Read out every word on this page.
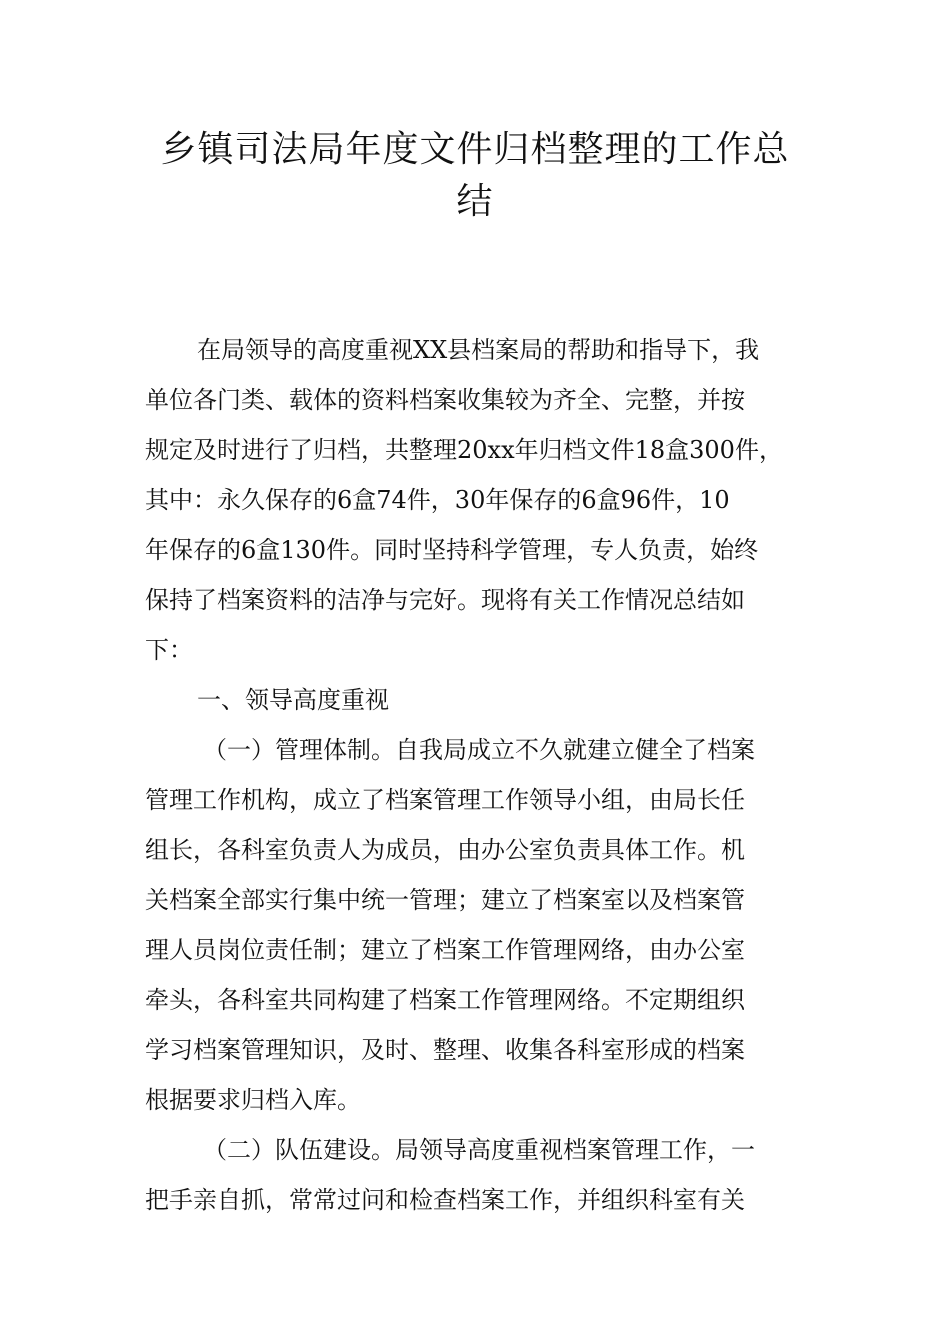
乡镇司法局年度文件归档整理的工作总
结
在局领导的高度重视XX县档案局的帮助和指导下，我
单位各门类、载体的资料档案收集较为齐全、完整，并按
规定及时进行了归档，共整理20xx年归档文件18盒300件，
其中：永久保存的6盒74件，30年保存的6盒96件，10
年保存的6盒130件。同时坚持科学管理，专人负责，始终
保持了档案资料的洁净与完好。现将有关工作情况总结如
下：
一、领导高度重视
（一）管理体制。自我局成立不久就建立健全了档案
管理工作机构，成立了档案管理工作领导小组，由局长任
组长，各科室负责人为成员，由办公室负责具体工作。机
关档案全部实行集中统一管理；建立了档案室以及档案管
理人员岗位责任制；建立了档案工作管理网络，由办公室
牵头，各科室共同构建了档案工作管理网络。不定期组织
学习档案管理知识，及时、整理、收集各科室形成的档案
根据要求归档入库。
（二）队伍建设。局领导高度重视档案管理工作，一
把手亲自抓，常常过问和检查档案工作，并组织科室有关
